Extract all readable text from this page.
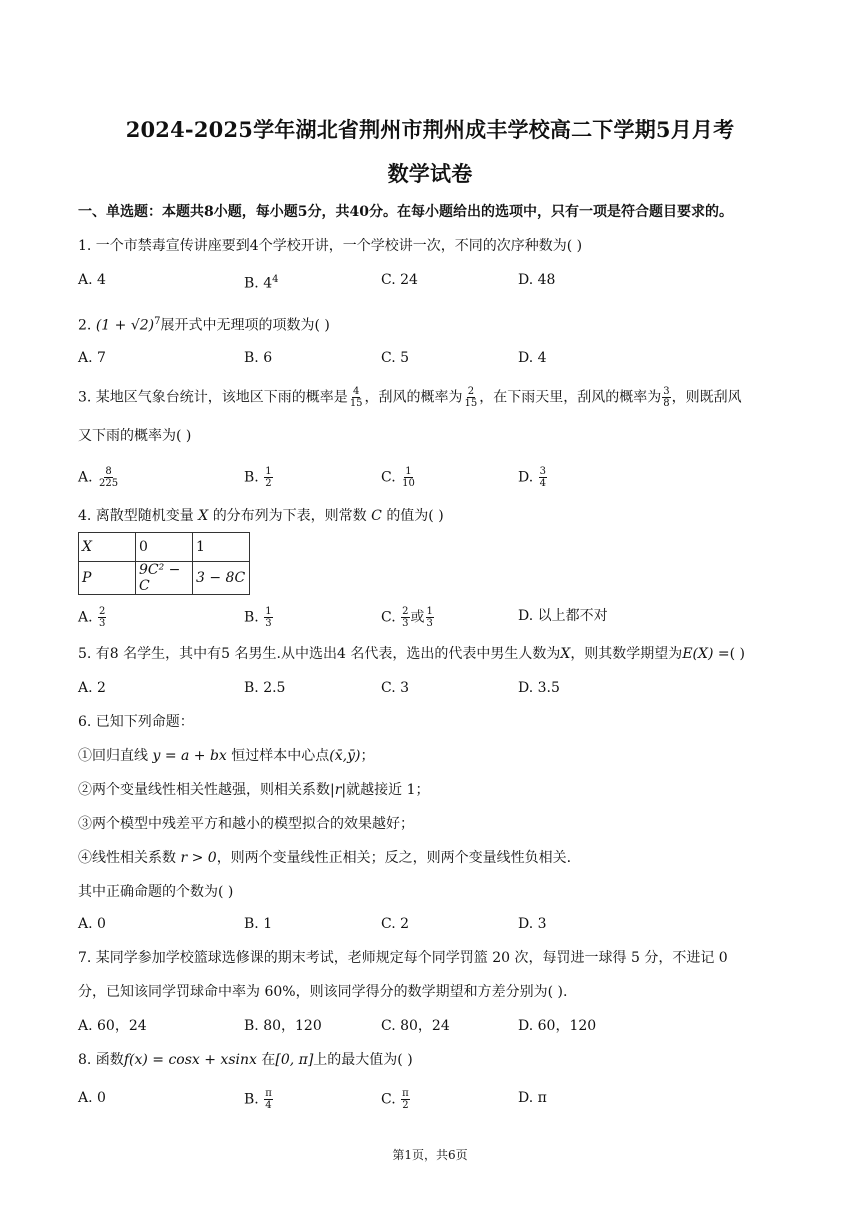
2024-2025学年湖北省荆州市荆州成丰学校高二下学期5月月考
数学试卷
一、单选题：本题共8小题，每小题5分，共40分。在每小题给出的选项中，只有一项是符合题目要求的。
1. 一个市禁毒宣传讲座要到4个学校开讲，一个学校讲一次，不同的次序种数为( )
A. 4	B. $4^4$	C. 24	D. 48
2. $(1 + √2)^7$展开式中无理项的项数为( )
A. 7	B. 6	C. 5	D. 4
3. 某地区气象台统计，该地区下雨的概率是 $\frac{4}{15}$ ，刮风的概率为 $\frac{2}{15}$ ，在下雨天里，刮风的概率为 $\frac{3}{8}$ ，则既刮风
又下雨的概率为( )
A. $\frac{8}{225}$	B. $\frac{1}{2}$	C. $\frac{1}{10}$	D. $\frac{3}{4}$
4. 离散型随机变量 X 的分布列为下表，则常数 C 的值为( )
X	0	1
P	9C² − C	3 − 8C
A. $\frac{2}{3}$	B. $\frac{1}{3}$	C. $\frac{2}{3}$ 或 $\frac{1}{3}$	D. 以上都不对
5. 有8 名学生，其中有5 名男生.从中选出4 名代表，选出的代表中男生人数为X，则其数学期望为E(X) =( )
A. 2	B. 2.5	C. 3	D. 3.5
6. 已知下列命题：
①回归直线 y = a + bx 恒过样本中心点(x̄,ȳ)；
②两个变量线性相关性越强，则相关系数|r|就越接近 1；
③两个模型中残差平方和越小的模型拟合的效果越好；
④线性相关系数 r > 0，则两个变量线性正相关；反之，则两个变量线性负相关.
其中正确命题的个数为( )
A. 0	B. 1	C. 2	D. 3
7. 某同学参加学校篮球选修课的期末考试，老师规定每个同学罚篮 20 次，每罚进一球得 5 分，不进记 0
分，已知该同学罚球命中率为 60%，则该同学得分的数学期望和方差分别为( ).
A. 60，24	B. 80，120	C. 80，24	D. 60，120
8. 函数f(x) = cosx + xsinx 在[0, π]上的最大值为( )
A. 0	B. $\frac{\pi}{4}$	C. $\frac{\pi}{2}$	D. π
第1页，共6页
